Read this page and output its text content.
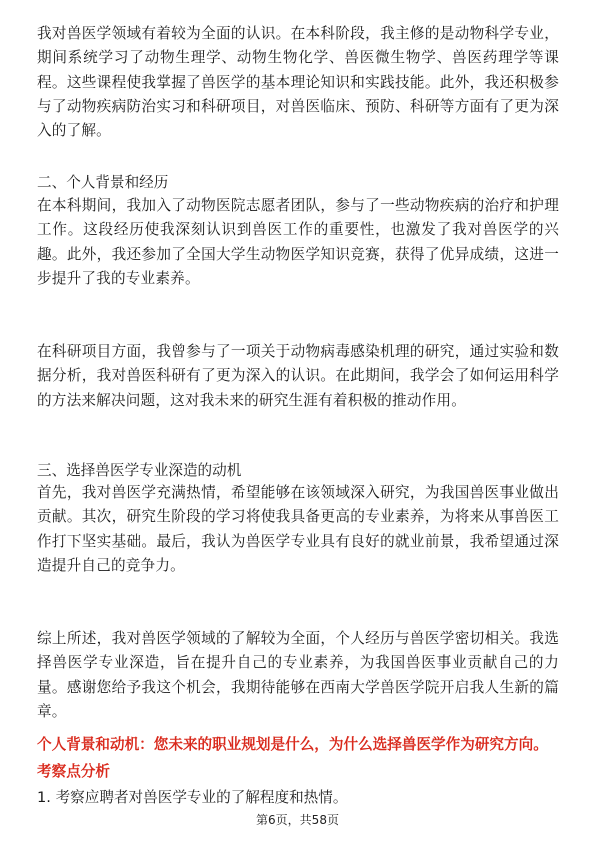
我对兽医学领域有着较为全面的认识。在本科阶段，我主修的是动物科学专业，期间系统学习了动物生理学、动物生物化学、兽医微生物学、兽医药理学等课程。这些课程使我掌握了兽医学的基本理论知识和实践技能。此外，我还积极参与了动物疾病防治实习和科研项目，对兽医临床、预防、科研等方面有了更为深入的了解。

二、个人背景和经历

在本科期间，我加入了动物医院志愿者团队，参与了一些动物疾病的治疗和护理工作。这段经历使我深刻认识到兽医工作的重要性，也激发了我对兽医学的兴趣。此外，我还参加了全国大学生动物医学知识竞赛，获得了优异成绩，这进一步提升了我的专业素养。

在科研项目方面，我曾参与了一项关于动物病毒感染机理的研究，通过实验和数据分析，我对兽医科研有了更为深入的认识。在此期间，我学会了如何运用科学的方法来解决问题，这对我未来的研究生涯有着积极的推动作用。

三、选择兽医学专业深造的动机

首先，我对兽医学充满热情，希望能够在该领域深入研究，为我国兽医事业做出贡献。其次，研究生阶段的学习将使我具备更高的专业素养，为将来从事兽医工作打下坚实基础。最后，我认为兽医学专业具有良好的就业前景，我希望通过深造提升自己的竞争力。

综上所述，我对兽医学领域的了解较为全面，个人经历与兽医学密切相关。我选择兽医学专业深造，旨在提升自己的专业素养，为我国兽医事业贡献自己的力量。感谢您给予我这个机会，我期待能够在西南大学兽医学院开启我人生新的篇章。

个人背景和动机：您未来的职业规划是什么，为什么选择兽医学作为研究方向。

考察点分析

1. 考察应聘者对兽医学专业的了解程度和热情。

第6页，共58页
